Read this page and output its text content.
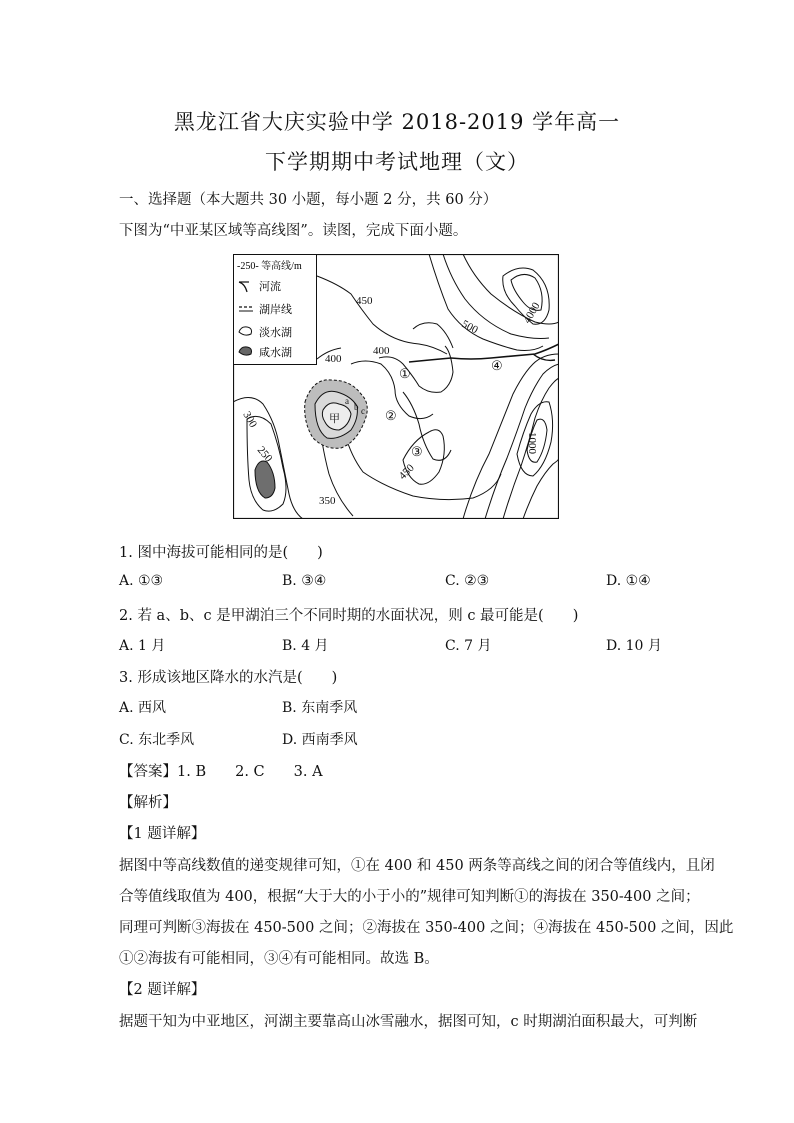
黑龙江省大庆实验中学 2018-2019 学年高一
下学期期中考试地理（文）
一、选择题（本大题共 30 小题，每小题 2 分，共 60 分）
下图为“中亚某区域等高线图”。读图，完成下面小题。
-250- 等高线/m
河流
湖岸线
淡水湖
咸水湖
450
500
4000
400
400
300
250
350
450
1000
①
②
③
④
甲
a
b c
1. 图中海拔可能相同的是(　　)
A. ①③	B. ③④	C. ②③	D. ①④
2. 若 a、b、c 是甲湖泊三个不同时期的水面状况，则 c 最可能是(　　)
A. 1 月	B. 4 月	C. 7 月	D. 10 月
3. 形成该地区降水的水汽是(　　)
A. 西风	B. 东南季风
C. 东北季风	D. 西南季风
【答案】1. B　　2. C　　3. A
【解析】
【1 题详解】
据图中等高线数值的递变规律可知，①在 400 和 450 两条等高线之间的闭合等值线内，且闭
合等值线取值为 400，根据“大于大的小于小的”规律可知判断①的海拔在 350-400 之间；
同理可判断③海拔在 450-500 之间；②海拔在 350-400 之间；④海拔在 450-500 之间，因此
①②海拔有可能相同，③④有可能相同。故选 B。
【2 题详解】
据题干知为中亚地区，河湖主要靠高山冰雪融水，据图可知，c 时期湖泊面积最大，可判断
